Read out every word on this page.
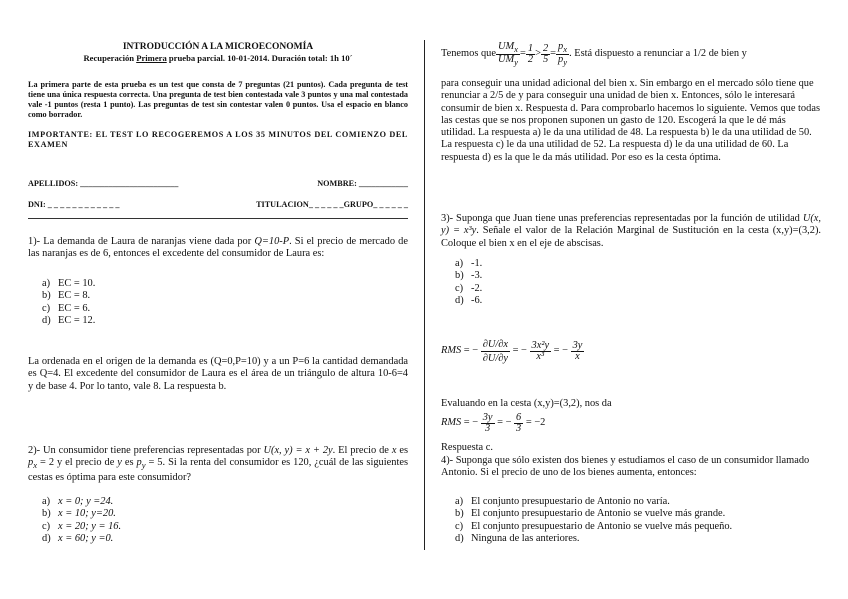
INTRODUCCIÓN A LA MICROECONOMÍA
Recuperación Primera prueba parcial. 10-01-2014. Duración total: 1h 10´
La primera parte de esta prueba es un test que consta de 7 preguntas (21 puntos). Cada pregunta de test tiene una única respuesta correcta. Una pregunta de test bien contestada vale 3 puntos y una mal contestada vale -1 puntos (resta 1 punto). Las preguntas de test sin contestar valen 0 puntos. Usa el espacio en blanco como borrador.
IMPORTANTE: EL TEST LO RECOGEREMOS A LOS 35 MINUTOS DEL COMIENZO DEL EXAMEN
APELLIDOS: ________________________	NOMBRE: ____________
DNI: _ _ _ _ _ _ _ _ _ _ _ _	TITULACION_ _ _ _ _ _GRUPO_ _ _ _ _ _
1)- La demanda de Laura de naranjas viene dada por Q=10-P. Si el precio de mercado de las naranjas es de 6, entonces el excedente del consumidor de Laura es:
a) EC = 10.
b) EC = 8.
c) EC = 6.
d) EC = 12.
La ordenada en el origen de la demanda es (Q=0,P=10) y a un P=6 la cantidad demandada es Q=4. El excedente del consumidor de Laura es el área de un triángulo de altura 10-6=4 y de base 4. Por lo tanto, vale 8. La respuesta b.
2)- Un consumidor tiene preferencias representadas por U(x, y) = x + 2y. El precio de x es $p_x = 2$ y el precio de y es $p_y = 5$. Si la renta del consumidor es 120, ¿cuál de las siguientes cestas es óptima para este consumidor?
a) x = 0; y =24.
b) x = 10; y=20.
c) x = 20; y = 16.
d) x = 60; y =0.
Tenemos que $\frac{UM_x}{UM_y} = \frac{1}{2} > \frac{2}{5} = \frac{p_x}{p_y}$ . Está dispuesto a renunciar a 1/2 de bien y
para conseguir una unidad adicional del bien x. Sin embargo en el mercado sólo tiene que renunciar a 2/5 de y para conseguir una unidad de bien x. Entonces, sólo le interesará consumir de bien x. Respuesta d. Para comprobarlo hacemos lo siguiente. Vemos que todas las cestas que se nos proponen suponen un gasto de 120. Escogerá la que le dé más utilidad. La respuesta a) le da una utilidad de 48. La respuesta b) le da una utilidad de 50. La respuesta c) le da una utilidad de 52. La respuesta d) le da una utilidad de 60. La respuesta d) es la que le da más utilidad. Por eso es la cesta óptima.
3)- Suponga que Juan tiene unas preferencias representadas por la función de utilidad U(x, y) = x³y. Señale el valor de la Relación Marginal de Sustitución en la cesta (x,y)=(3,2). Coloque el bien x en el eje de abscisas.
a) -1.
b) -3.
c) -2.
d) -6.
RMS = − $\frac{\partial U/\partial x}{\partial U/\partial y}$ = − $\frac{\text{3x²y}}{\text{x³}}$ = − $\frac{3y}{x}$
Evaluando en la cesta (x,y)=(3,2), nos da
RMS = − $\frac{3y}{3}$ = − $\frac{6}{3}$
= −2
Respuesta c.
4)- Suponga que sólo existen dos bienes y estudiamos el caso de un consumidor llamado Antonio. Si el precio de uno de los bienes aumenta, entonces:
a) El conjunto presupuestario de Antonio no varía.
b) El conjunto presupuestario de Antonio se vuelve más grande.
c) El conjunto presupuestario de Antonio se vuelve más pequeño.
d) Ninguna de las anteriores.
